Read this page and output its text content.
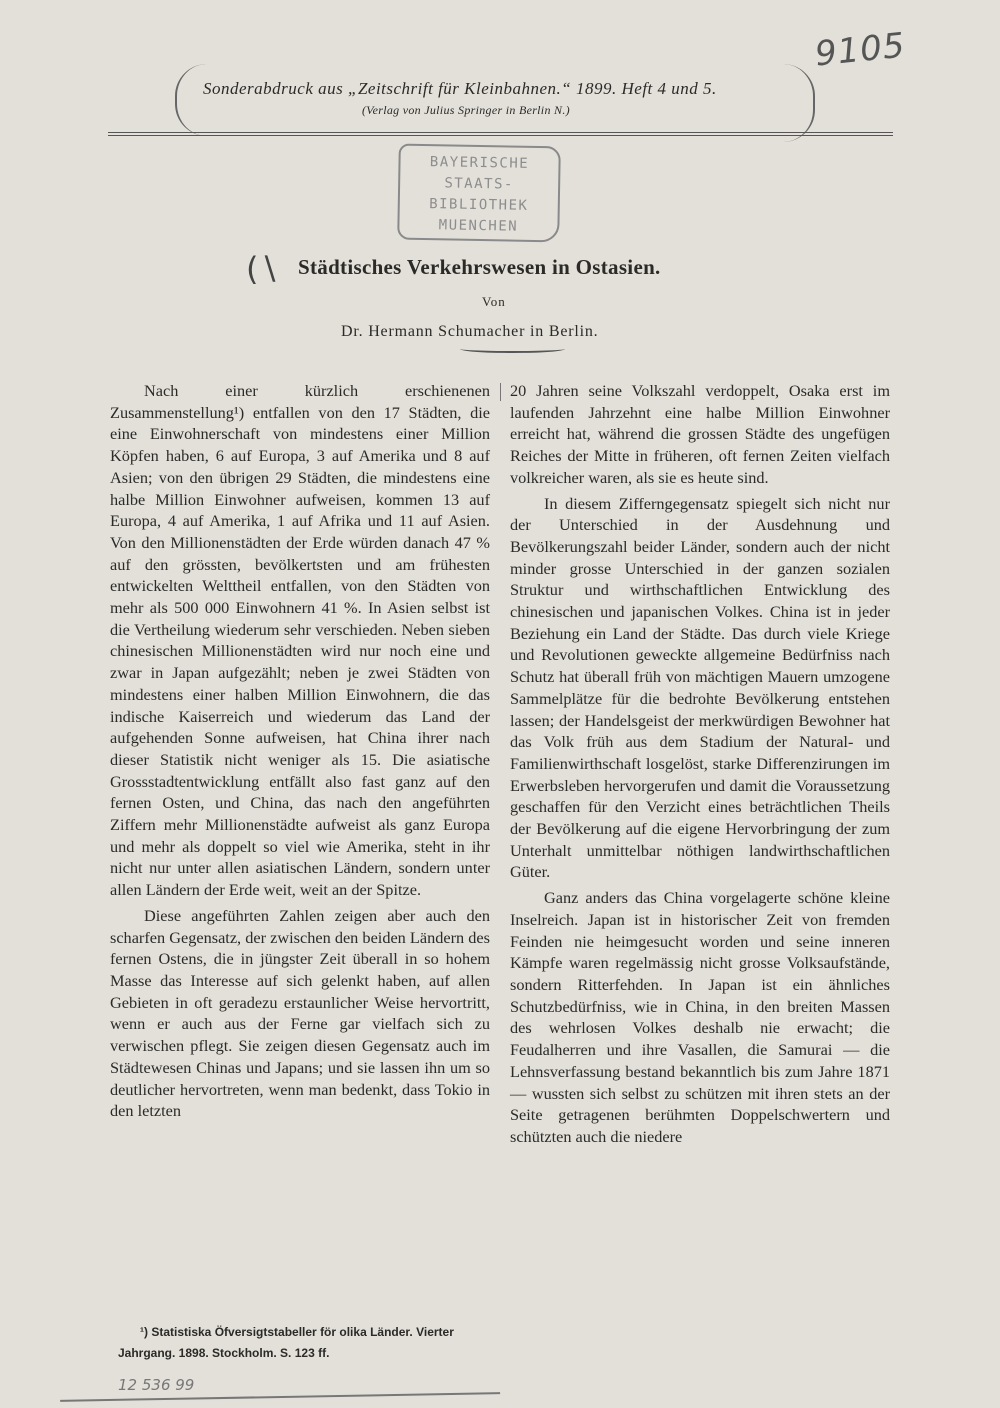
9105
Sonderabdruck aus „Zeitschrift für Kleinbahnen.“ 1899. Heft 4 und 5.
(Verlag von Julius Springer in Berlin N.)
BAYERISCHE
STAATS-
BIBLIOTHEK
MUENCHEN
(∖ Städtisches Verkehrswesen in Ostasien.
Von
Dr. Hermann Schumacher in Berlin.

Nach einer kürzlich erschienenen Zusammenstellung¹) entfallen von den 17 Städten, die eine Einwohnerschaft von mindestens einer Million Köpfen haben, 6 auf Europa, 3 auf Amerika und 8 auf Asien; von den übrigen 29 Städten, die mindestens eine halbe Million Einwohner aufweisen, kommen 13 auf Europa, 4 auf Amerika, 1 auf Afrika und 11 auf Asien. Von den Millionenstädten der Erde würden danach 47 % auf den grössten, bevölkertsten und am frühesten entwickelten Welttheil entfallen, von den Städten von mehr als 500 000 Einwohnern 41 %. In Asien selbst ist die Vertheilung wiederum sehr verschieden. Neben sieben chinesischen Millionenstädten wird nur noch eine und zwar in Japan aufgezählt; neben je zwei Städten von mindestens einer halben Million Einwohnern, die das indische Kaiserreich und wiederum das Land der aufgehenden Sonne aufweisen, hat China ihrer nach dieser Statistik nicht weniger als 15. Die asiatische Grossstadtentwicklung entfällt also fast ganz auf den fernen Osten, und China, das nach den angeführten Ziffern mehr Millionenstädte aufweist als ganz Europa und mehr als doppelt so viel wie Amerika, steht in ihr nicht nur unter allen asiatischen Ländern, sondern unter allen Ländern der Erde weit, weit an der Spitze.

Diese angeführten Zahlen zeigen aber auch den scharfen Gegensatz, der zwischen den beiden Ländern des fernen Ostens, die in jüngster Zeit überall in so hohem Masse das Interesse auf sich gelenkt haben, auf allen Gebieten in oft geradezu erstaunlicher Weise hervortritt, wenn er auch aus der Ferne gar vielfach sich zu verwischen pflegt. Sie zeigen diesen Gegensatz auch im Städtewesen Chinas und Japans; und sie lassen ihn um so deutlicher hervortreten, wenn man bedenkt, dass Tokio in den letzten

20 Jahren seine Volkszahl verdoppelt, Osaka erst im laufenden Jahrzehnt eine halbe Million Einwohner erreicht hat, während die grossen Städte des ungefügen Reiches der Mitte in früheren, oft fernen Zeiten vielfach volkreicher waren, als sie es heute sind.

In diesem Zifferngegensatz spiegelt sich nicht nur der Unterschied in der Ausdehnung und Bevölkerungszahl beider Länder, sondern auch der nicht minder grosse Unterschied in der ganzen sozialen Struktur und wirthschaftlichen Entwicklung des chinesischen und japanischen Volkes. China ist in jeder Beziehung ein Land der Städte. Das durch viele Kriege und Revolutionen geweckte allgemeine Bedürfniss nach Schutz hat überall früh von mächtigen Mauern umzogene Sammelplätze für die bedrohte Bevölkerung entstehen lassen; der Handelsgeist der merkwürdigen Bewohner hat das Volk früh aus dem Stadium der Natural- und Familienwirthschaft losgelöst, starke Differenzirungen im Erwerbsleben hervorgerufen und damit die Voraussetzung geschaffen für den Verzicht eines beträchtlichen Theils der Bevölkerung auf die eigene Hervorbringung der zum Unterhalt unmittelbar nöthigen landwirthschaftlichen Güter.

Ganz anders das China vorgelagerte schöne kleine Inselreich. Japan ist in historischer Zeit von fremden Feinden nie heimgesucht worden und seine inneren Kämpfe waren regelmässig nicht grosse Volksaufstände, sondern Ritterfehden. In Japan ist ein ähnliches Schutzbedürfniss, wie in China, in den breiten Massen des wehrlosen Volkes deshalb nie erwacht; die Feudalherren und ihre Vasallen, die Samurai — die Lehnsverfassung bestand bekanntlich bis zum Jahre 1871 — wussten sich selbst zu schützen mit ihren stets an der Seite getragenen berühmten Doppelschwertern und schützten auch die niedere

¹) Statistiska Öfversigtstabeller för olika Länder. Vierter Jahrgang. 1898. Stockholm. S. 123 ff.
12 536 99
